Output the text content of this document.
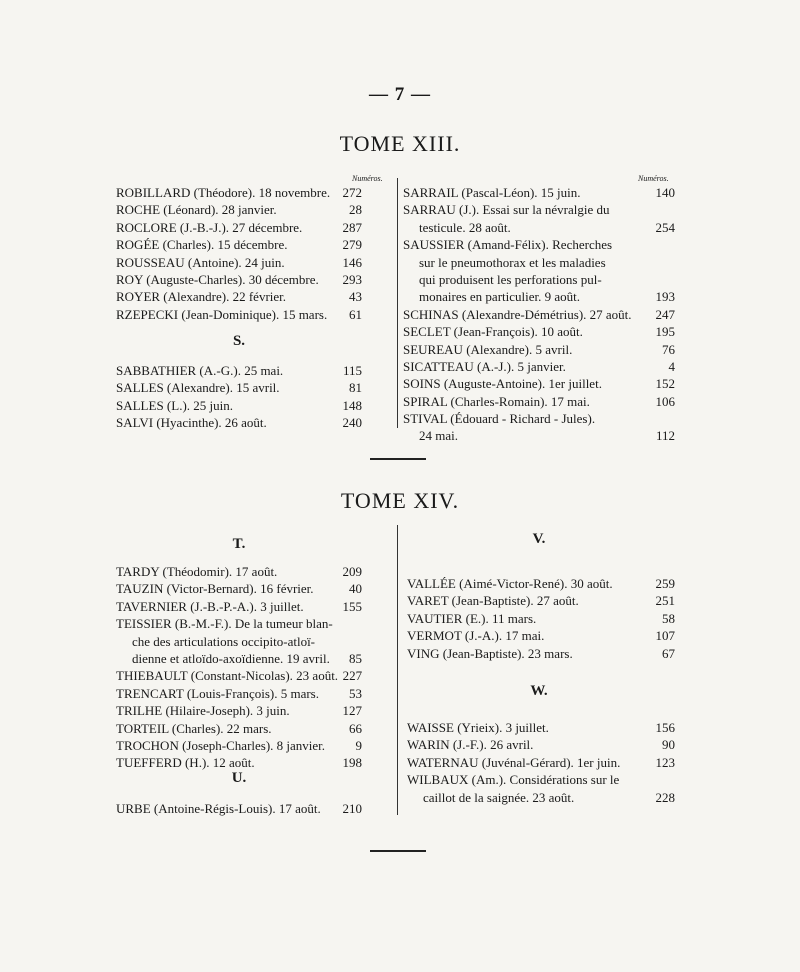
— 7 —
TOME XIII.
Numéros.	Numéros.
ROBILLARD (Théodore). 18 novembre. 272
ROCHE (Léonard). 28 janvier.	28
ROCLORE (J.-B.-J.). 27 décembre.	287
ROGÉE (Charles). 15 décembre.	279
ROUSSEAU (Antoine). 24 juin.	146
ROY (Auguste-Charles). 30 décembre.	293
ROYER (Alexandre). 22 février.	43
RZEPECKI (Jean-Dominique). 15 mars.	61
S.
SABBATHIER (A.-G.). 25 mai.	115
SALLES (Alexandre). 15 avril.	81
SALLES (L.). 25 juin.	148
SALVI (Hyacinthe). 26 août.	240
SARRAIL (Pascal-Léon). 15 juin.	140
SARRAU (J.). Essai sur la névralgie du
testicule. 28 août.	254
SAUSSIER (Amand-Félix). Recherches
sur le pneumothorax et les maladies
qui produisent les perforations pul-
monaires en particulier. 9 août.	193
SCHINAS (Alexandre-Démétrius). 27 août.	247
SECLET (Jean-François). 10 août.	195
SEUREAU (Alexandre). 5 avril.	76
SICATTEAU (A.-J.). 5 janvier.	4
SOINS (Auguste-Antoine). 1er juillet.	152
SPIRAL (Charles-Romain). 17 mai.	106
STIVAL (Édouard - Richard - Jules).
24 mai.	112
TOME XIV.
T.
TARDY (Théodomir). 17 août.	209
TAUZIN (Victor-Bernard). 16 février.	40
TAVERNIER (J.-B.-P.-A.). 3 juillet.	155
TEISSIER (B.-M.-F.). De la tumeur blan-
che des articulations occipito-atloï-
dienne et atloïdo-axoïdienne. 19 avril.	85
THIEBAULT (Constant-Nicolas). 23 août. 227
TRENCART (Louis-François). 5 mars.	53
TRILHE (Hilaire-Joseph). 3 juin.	127
TORTEIL (Charles). 22 mars.	66
TROCHON (Joseph-Charles). 8 janvier.	9
TUEFFERD (H.). 12 août.	198
U.
URBE (Antoine-Régis-Louis). 17 août.	210
V.
VALLÉE (Aimé-Victor-René). 30 août.	259
VARET (Jean-Baptiste). 27 août.	251
VAUTIER (E.). 11 mars.	58
VERMOT (J.-A.). 17 mai.	107
VING (Jean-Baptiste). 23 mars.	67
W.
WAISSE (Yrieix). 3 juillet.	156
WARIN (J.-F.). 26 avril.	90
WATERNAU (Juvénal-Gérard). 1er juin.	123
WILBAUX (Am.). Considérations sur le
caillot de la saignée. 23 août.	228
